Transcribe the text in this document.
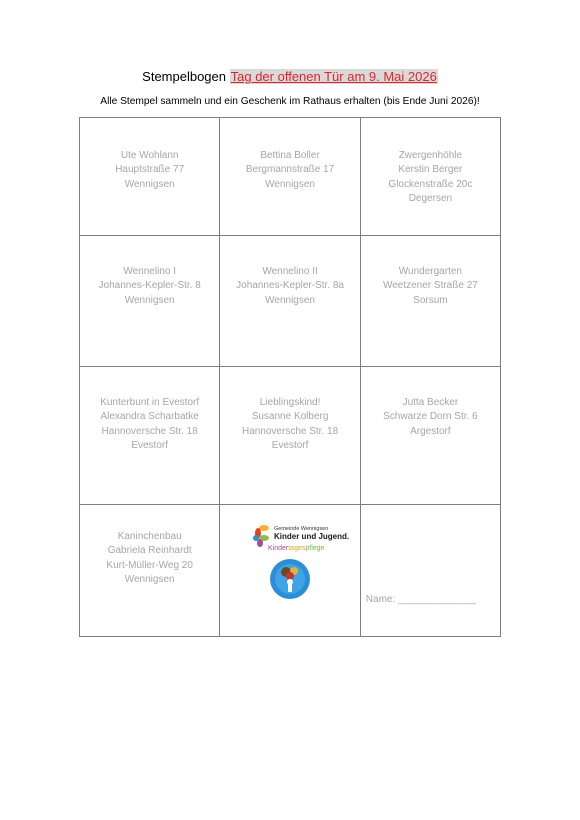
Stempelbogen Tag der offenen Tür am 9. Mai 2026
Alle Stempel sammeln und ein Geschenk im Rathaus erhalten (bis Ende Juni 2026)!
Ute Wohlann
Hauptstraße 77
Wennigsen	Bettina Boller
Bergmannstraße 17
Wennigsen	Zwergenhöhle
Kerstin Berger
Glockenstraße 20c
Degersen

Wennelino I
Johannes-Kepler-Str. 8
Wennigsen	Wennelino II
Johannes-Kepler-Str. 8a
Wennigsen	Wundergarten
Weetzener Straße 27
Sorsum

Kunterbunt in Evestorf
Alexandra Scharbatke
Hannoversche Str. 18
Evestorf	Lieblingskind!
Susanne Kolberg
Hannoversche Str. 18
Evestorf	Jutta Becker
Schwarze Dorn Str. 6
Argestorf

Kaninchenbau
Gabriela Reinhardt
Kurt-Müller-Weg 20
Wennigsen	Gemeinde Wennigsen
Kinder und Jugend.
Kindertagespflege	Name: ______________
